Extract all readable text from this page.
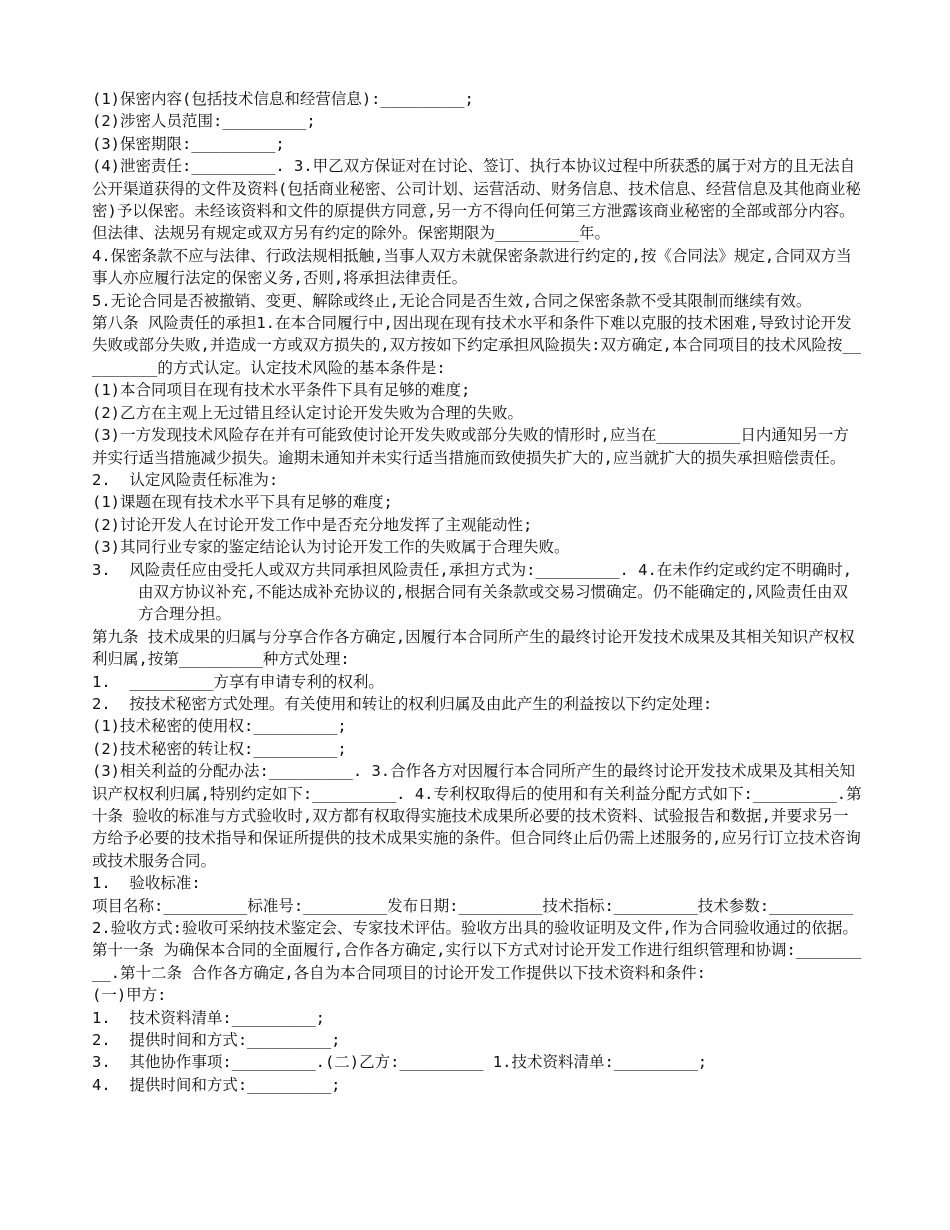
(1)保密内容(包括技术信息和经营信息):_________;

(2)涉密人员范围:_________;

(3)保密期限:_________;

(4)泄密责任:_________. 3.甲乙双方保证对在讨论、签订、执行本协议过程中所获悉的属于对方的且无法自公开渠道获得的文件及资料(包括商业秘密、公司计划、运营活动、财务信息、技术信息、经营信息及其他商业秘密)予以保密。未经该资料和文件的原提供方同意,另一方不得向任何第三方泄露该商业秘密的全部或部分内容。但法律、法规另有规定或双方另有约定的除外。保密期限为_________年。

4.保密条款不应与法律、行政法规相抵触,当事人双方未就保密条款进行约定的,按《合同法》规定,合同双方当事人亦应履行法定的保密义务,否则,将承担法律责任。

5.无论合同是否被撤销、变更、解除或终止,无论合同是否生效,合同之保密条款不受其限制而继续有效。

第八条 风险责任的承担1.在本合同履行中,因出现在现有技术水平和条件下难以克服的技术困难,导致讨论开发失败或部分失败,并造成一方或双方损失的,双方按如下约定承担风险损失:双方确定,本合同项目的技术风险按_________的方式认定。认定技术风险的基本条件是:

(1)本合同项目在现有技术水平条件下具有足够的难度;

(2)乙方在主观上无过错且经认定讨论开发失败为合理的失败。

(3)一方发现技术风险存在并有可能致使讨论开发失败或部分失败的情形时,应当在_________日内通知另一方并实行适当措施减少损失。逾期未通知并未实行适当措施而致使损失扩大的,应当就扩大的损失承担赔偿责任。

2.  认定风险责任标准为:

(1)课题在现有技术水平下具有足够的难度;

(2)讨论开发人在讨论开发工作中是否充分地发挥了主观能动性;

(3)其同行业专家的鉴定结论认为讨论开发工作的失败属于合理失败。

3.  风险责任应由受托人或双方共同承担风险责任,承担方式为:_________. 4.在未作约定或约定不明确时,由双方协议补充,不能达成补充协议的,根据合同有关条款或交易习惯确定。仍不能确定的,风险责任由双方合理分担。

第九条 技术成果的归属与分享合作各方确定,因履行本合同所产生的最终讨论开发技术成果及其相关知识产权权利归属,按第_________种方式处理:

1.  _________方享有申请专利的权利。

2.  按技术秘密方式处理。有关使用和转让的权利归属及由此产生的利益按以下约定处理:

(1)技术秘密的使用权:_________;

(2)技术秘密的转让权:_________;

(3)相关利益的分配办法:_________. 3.合作各方对因履行本合同所产生的最终讨论开发技术成果及其相关知识产权权利归属,特别约定如下:_________. 4.专利权取得后的使用和有关利益分配方式如下:_________.第十条 验收的标准与方式验收时,双方都有权取得实施技术成果所必要的技术资料、试验报告和数据,并要求另一方给予必要的技术指导和保证所提供的技术成果实施的条件。但合同终止后仍需上述服务的,应另行订立技术咨询或技术服务合同。

1.  验收标准:

项目名称:_________标准号:_________发布日期:_________技术指标:_________技术参数:_________ 2.验收方式:验收可采纳技术鉴定会、专家技术评估。验收方出具的验收证明及文件,作为合同验收通过的依据。

第十一条 为确保本合同的全面履行,合作各方确定,实行以下方式对讨论开发工作进行组织管理和协调:_________.第十二条 合作各方确定,各自为本合同项目的讨论开发工作提供以下技术资料和条件:

(一)甲方:

1.  技术资料清单:_________;

2.  提供时间和方式:_________;

3.  其他协作事项:_________.(二)乙方:_________ 1.技术资料清单:_________;

4.  提供时间和方式:_________;
